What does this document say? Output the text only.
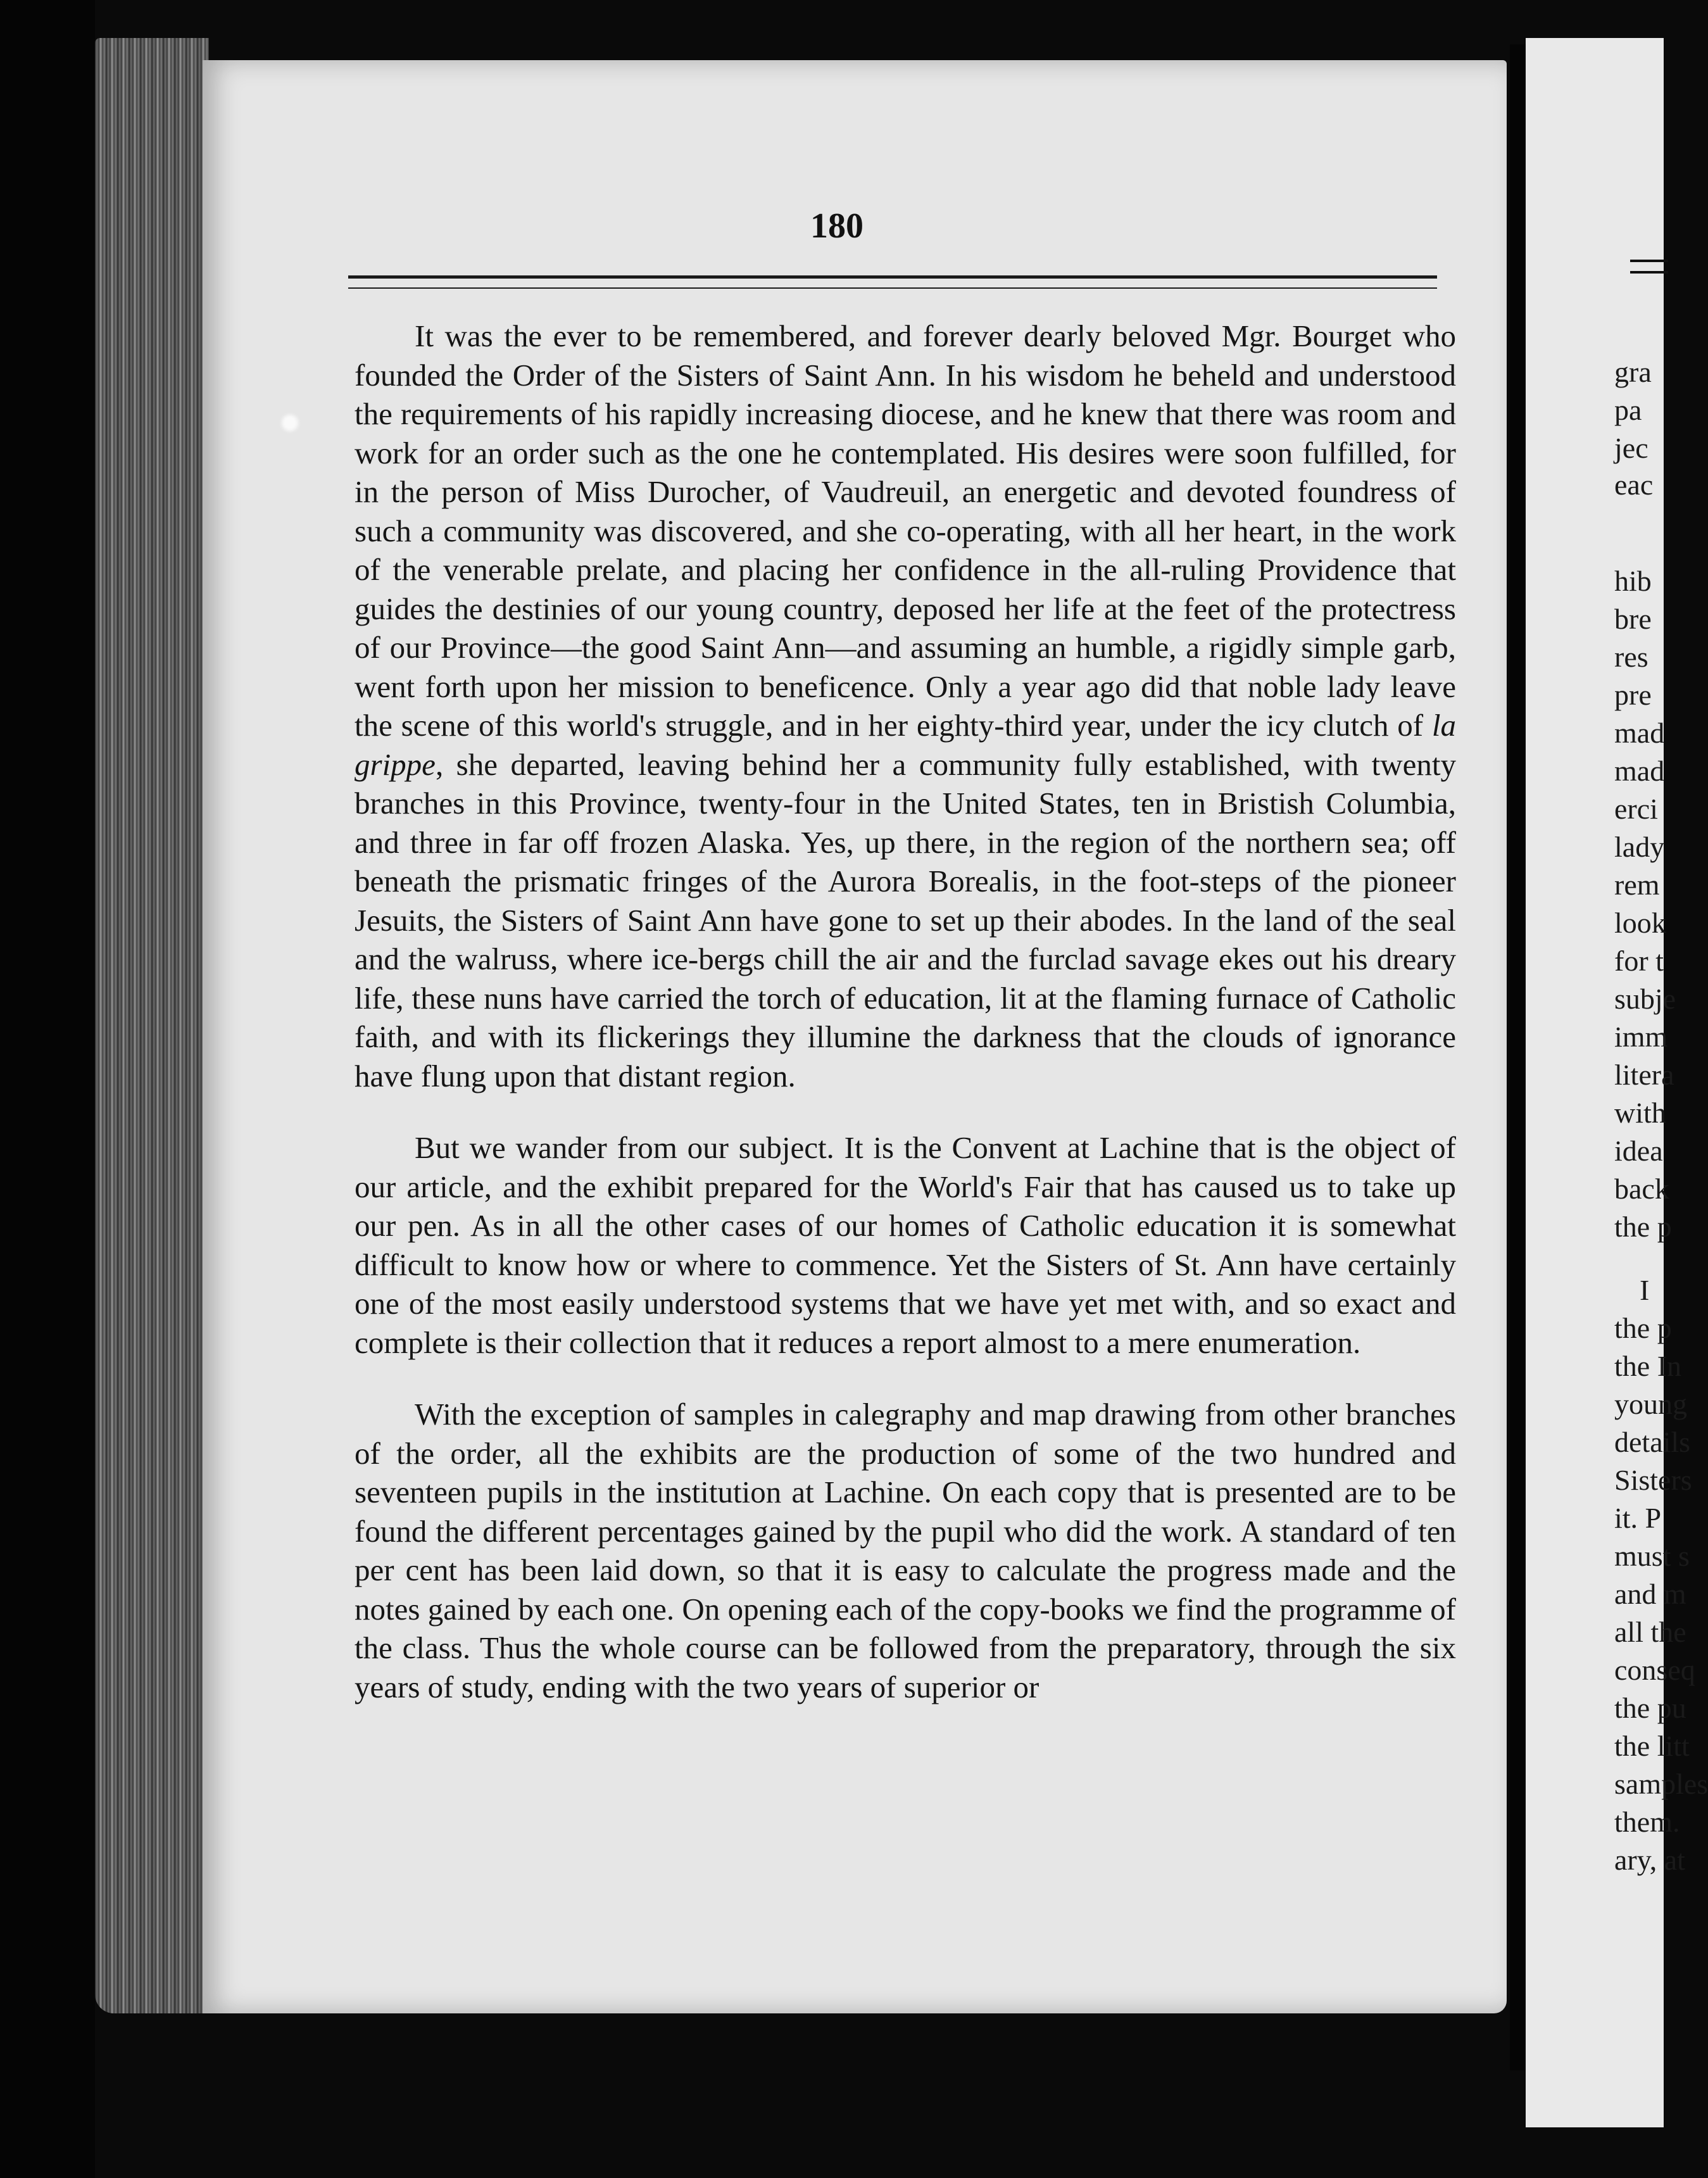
gra
pa
jec
eac
hib
bre
res
pre
mad
mad
erci
lady
rem
look
for t
subje
imm
litera
with
idea
back
the p
I
the p
the In
young
details
Sisters
it. P
must s
and m
all the
conseq
the pu
the litt
samples
them.
ary, at
180

It was the ever to be remembered, and forever dearly beloved Mgr. Bourget who founded the Order of the Sisters of Saint Ann. In his wisdom he beheld and understood the requirements of his rapidly increasing diocese, and he knew that there was room and work for an order such as the one he contemplated. His desires were soon fulfilled, for in the person of Miss Durocher, of Vaudreuil, an energetic and devoted foundress of such a community was discovered, and she co-operating, with all her heart, in the work of the venerable prelate, and placing her confidence in the all-ruling Providence that guides the destinies of our young country, deposed her life at the feet of the protectress of our Province—the good Saint Ann—and assuming an humble, a rigidly simple garb, went forth upon her mission to beneficence. Only a year ago did that noble lady leave the scene of this world's struggle, and in her eighty-third year, under the icy clutch of la grippe, she departed, leaving behind her a community fully established, with twenty branches in this Province, twenty-four in the United States, ten in Bristish Columbia, and three in far off frozen Alaska. Yes, up there, in the region of the northern sea; off beneath the prismatic fringes of the Aurora Borealis, in the foot-steps of the pioneer Jesuits, the Sisters of Saint Ann have gone to set up their abodes. In the land of the seal and the walruss, where ice-bergs chill the air and the furclad savage ekes out his dreary life, these nuns have carried the torch of education, lit at the flaming furnace of Catholic faith, and with its flickerings they illumine the darkness that the clouds of ignorance have flung upon that distant region.

But we wander from our subject. It is the Convent at Lachine that is the object of our article, and the exhibit prepared for the World's Fair that has caused us to take up our pen. As in all the other cases of our homes of Catholic education it is somewhat difficult to know how or where to commence. Yet the Sisters of St. Ann have certainly one of the most easily understood systems that we have yet met with, and so exact and complete is their collection that it reduces a report almost to a mere enumeration.

With the exception of samples in calegraphy and map drawing from other branches of the order, all the exhibits are the production of some of the two hundred and seventeen pupils in the institution at Lachine. On each copy that is presented are to be found the different percentages gained by the pupil who did the work. A standard of ten per cent has been laid down, so that it is easy to calculate the progress made and the notes gained by each one. On opening each of the copy-books we find the programme of the class. Thus the whole course can be followed from the preparatory, through the six years of study, ending with the two years of superior or
